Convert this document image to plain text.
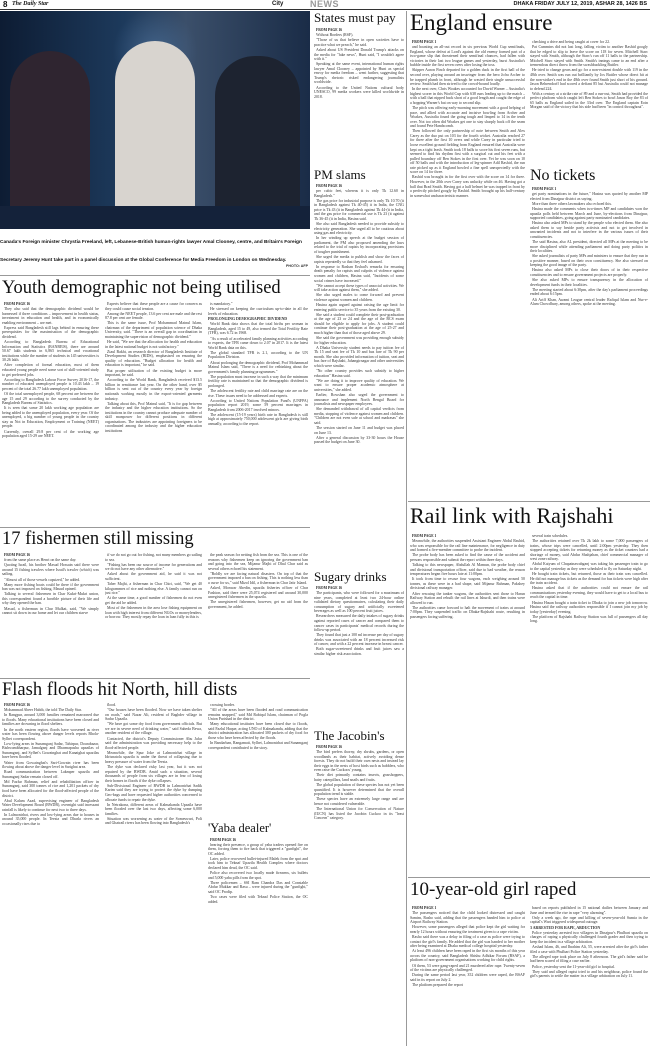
8 The Daily Star	City	NEWS	DHAKA FRIDAY JULY 12, 2019, ASHAR 28, 1426 BS
Canada's Foreign minister Chrystia Freeland, left, Lebanese-British human-rights lawyer Amal Clooney, centre, and Britain's Foreign Secretary Jeremy Hunt take part in a panel discussion at the Global Conference for Media Freedom in London on Wednesday.
PHOTO: AFP
States must pay

FROM PAGE 16

Without Borders (RSF).

"Those of us that believe in open societies have to practice what we preach," he said.

Asked about US President Donald Trump's attacks on the media for "fake news", Hunt said, "I wouldn't agree with it."

Speaking at the same event, international human rights lawyer Amal Clooney – appointed by Hunt as special envoy for media freedom – went further, suggesting that Trump's rhetoric risked endangering journalists worldwide.

According to the United Nations cultural body UNESCO, 99 media workers were killed worldwide in 2018.

PM slams

FROM PAGE 16

per cubic feet, whereas it is only Tk 12.60 in Bangladesh."

The gas price for industrial purpose is only Tk 10.70 (it in Bangladesh against Tk 40-45) it in India, the CNG price is Tk 43 (it in Bangladesh against Tk 44-(it in India, and the gas price for commercial use is Tk 23 (it against Tk 36-45 (it in India, Hasina said.

She also said Bangladesh needed to provide subsidy to electricity generation. She urged all to be cautious about using gas and electricity.

In her winding up speech at the budget session of parliament, the PM also proposed amending the laws related to the trial of rapists by incorporating provisions of tougher punishment.

She urged the media to publish and show the faces of rapists repeatedly so that they feel ashamed.

In response to Rashan Ershad's remarks for ensuring death penalty for rapists and culprits of violence against women and children, Hasina said, "Incidents of some social crimes have increased."

"We cannot accept these types of unsocial activities. We will take action against them," she added.

She also urged males to come forward and prevent violence against women and children.

Hasina again argued against raising the age limit for entering public service to 35 years from the existing 30.

She said a student could complete their post-graduation at the age of 23 or 24 and the age of the BCS exam should be eligible to apply for jobs. A student could continue their post-graduation at the age of 25-27 and much higher than that of those aged above 29.

She said the government was providing enough subsidy for higher education.

A Dhaka University student needs to pay tuition fee of Tk 15 and seat fee of Tk 10 and bus fare of Tk 90 per month. She also provided information of tuition, seat and bus fare of Rajshahi, Jahangirnagar and other universities which were similar.

"No other country provides such subsidy to higher education" Hasina said.

"We are doing it to improve quality of education. We want to ensure proper academic atmosphere at universities," she added.

Earlier, Rowshan also urged the government to announce and implement North Bengal Board for journalists and newspaper employees.

She demanded withdrawal of all capital verdicts from media, stopping of violence against women and children. "Children are not even safe at school and madrasas" she said.

The session started on June 11 and budget was placed on June 13.

After a general discussion by 33-30 hours the House passed the budget on June 30.

Youth demographic not being utilised

FROM PAGE 16

They also said that the demographic dividend would be harnessed if three conditions – improvement in health status, investment in education and health, and in economically enabling environment – are met.

Express said Bangladesh still lags behind in ensuring these prerequisites for the maximisation of the demographic dividend.

According to Bangladesh Bureau of Educational Information and Statistics (BANBEIS), there are around 50.67 lakh students in 6,865 technical and vocational institutions while the number of students in 145 universities is 30.26 lakh.

After completion of formal education, most of them educated young people need some sort of skill-oriented study to get preferred jobs.

According to Bangladesh Labour Force Survey 2016-17, the number of educated unemployed people is 10.43 lakh – 19 percent of the total 26.77 lakh unemployed population.

Of the total unemployed people, 68 percent are between the age 15 and 29 according to the survey conducted by the Bangladesh Bureau of Statistics.

It is seen that some 20 lakh working age population are being added to the unemployed population, every year. Of the unemployed, a big number of young people in the country stay as Not in Education, Employment or Training (NEET) people.

Currently, overall 29.8 per cent of the working age population aged 15-29 are NEET.

Experts believe that these people are a cause for concern as they could cause social tension.

Among the NEET people, 13.6 per cent are male and the rest 87.8 per cent are female.

This is the same issue, Prof Mohammad Mainul Islam, chairman of the department of population science of Dhaka University, said. "There is an overall gap in coordination in maintaining the supervision of demographic dividend."

He said, "We see that the allocation for health and education in the latest national budget is not satisfactory."

Ziaul Bakht, an research director of Bangladesh Institute of Development Studies (BIDS), emphasised on ensuring the quality of education. "Budget allocation for health and education is important," he said.

But proper utilisation of the existing budget is more important, he said.

According to the World Bank, Bangladesh received $13.5 billion in remittance last year. On the other hand, over $5 billion is sent out of the country every year by foreign nationals working mostly in the export-oriented garments industry.

Talking about this, Prof Mainul said, "It is for gap between the industry and the higher education institutions. So the institutions in the country cannot produce adequate number of skill manpower for different positions in different organisations. The industries are appointing foreigners to be coordinated among the industry and the higher education institutions

is mandatory."

He stressed on keeping the curriculum up-to-date in all the levels of education.

PROLONGING DEMOGRAPHIC DIVIDEND

World Bank data shows that the total births per woman in Bangladesh, aged 15 to 49, also termed the Total Fertility Rate (TFR), was 6.72 in 1968.

"As a result of accelerated family planning activities according to experts, the TFR came down to 2.07 in 2017. It is the latest World Bank data on this.

The global standard TFR is 2.1, according to the UN Population Division.

About prolonging the demographic dividend, Prof Mohammad Mainul Islam said, "There is a need for rethinking about the government's family planning programmes."

The population must increase in such a way that the minimum fertility rate is maintained so that the demographic dividend is prolonged.

The adolescent fertility rate and child marriage rate are on the rise. These issues need to be addressed and experts.

According to United Nations Population Fund's (UNFPA) population report 2019, some 59 percent marriages in Bangladesh from 2006-2017 involved minors.

The adolescent (15-19 years) birth rate in Bangladesh is still high at approximately 750,000 adolescent girls are giving birth annually, according to the report.

17 fishermen still missing

FROM PAGE 16

from the same place as Henri on the same day.

Quoting Israil, his brother Masud Hossain said there were around 15 fishing trawlers where Israil's trawler (which) was sailing.

"Almost all of those vessels capsized," he added.

Many more fishing boats could be there if the government ban was not imposed on fishing, Masud opined.

Talking to several fishermen in Char Kukri-Mukri union, this correspondent found a horrible picture of their life and why they opened the ban.

Masud, a fisherman in Char Mulkat, said, "We simply cannot sit down in our home and let our children starve

if we do not go out for fishing, not many members go sailing to sea.

"Fishing has been our source of income for generations and we do not have any other alternative."

Asked about the government aid, he said it was not sufficient.

Taher Majhi, a fisherman in Char Chiri, said, "We get 40 kilogrammes of rice and nothing else. A family cannot run on just rice."

At the same time, a good number of fishermen do not even get the aid he added.

Most of the fishermen in the area lose fishing equipment on loan with high interest from different NGOs or moneylenders, or borrow. They mostly repay the loan in loan fully in this is

the peak season for netting fish from the sea. This is one of the reasons why fishermen keep on ignoring the government ban and going into the sea, Mijanur Majhi of Dhal Char said as several others echoed his statement.

"Boldly we are facing natural disasters. On top of that the government imposed a ban on fishing. This is nothing less than a curse for us," said Mizol Idil, a fisherman in Char Jatir Island.

Asked, Monwar Abedin, upazila fisheries officer of Char Fashion, said there were 25,074 registered and around 30,000 unregistered fishermen in the upazila.

The unregistered fishermen, however, get no aid from the government, he added.

Flash floods hit North, hill dists

FROM PAGE 16

Mohammad Abeer Habib, the told The Daily Star.

In Rangpur, around 3,000 families remained marooned due to floods. Many educational institutions have been closed and families are drowning in flood shelters.

In the north eastern region, floods have worsened as river water has been flowing above danger levels reports Bhola-Sylhet correspondent.

Low-lying areas in Sunamganj Sadar, Tahirpur, Doarabazar, Bishwambharpur, Jamalganj and Dharmapasha upazilas of Sunamganj, and Sylhet's Gowainghat and Kanaighat upazilas have been flooded.

Water from Gowainghat's Sari-Gowain river has been flowing about above the danger level in Sarighat area.

Road communication between Lakmper upazila and Sunamganj Sadar remain closed off.

Md Fazlur Rahman, relief and rehabilitation officer in Sunamganj, said 300 tonnes of rice and 1,201 packets of dry food have been allocated for the flood-affected people of the district.

Abul Kalam Azad, supervising engineer of Bangladesh Water Development Board (BWDB), overnight said incessant rainfall is likely to continue for next two to three days.

In Lalmonirhat, rivers and low-lying areas due to houses in around 35,000 people. In Teesta and Dharla rivers an occasionally rises due to

flood.

"Our houses have been flooded. Now we have taken shelter on roads," said Nazar Ali, resident of Baghder village in Sadar Upazila.

"We have got some dry food from government officials. But we are in severe need of drinking water," said Saheda Bewa, another resident of the village.

Contacted, the district's Deputy Commissioner Abu Jafar said the administration was providing necessary help to the flood-affected people.

Meanwhile, the Spur Joke at Lalmonirhat village in Idrisnatola upazila is under the threat of collapsing due to heavy pressure of water from the Teesta.

The dyke was declared risky last year, but it was not repaired by the BWDB. Amid such a situation, several thousands of people from six villages are in fear of losing their homes in floods if the dyke collapses.

Sub-Divisional Engineer of BWDB in Lalmonirhat Sadik Karim said they are trying to protect the dyke by dumping Geo-bags and have requested higher authorities concerned to allocate funds to repair the dyke.

In Netrakona, different areas of Kalmakanda Upazila have been flooded over the last two days, affecting some 6,000 families.

Situation was worsening as water of the Someswari, Poli and Ghatrail rivers has been flowing into Bangladesh's

crossing border.

"All of the areas have been flooded and road communication remains snapped," said Md Rabiqul Islam, chairman of Pogla Union Parishad in the district.

Many educational institutes have been closed due to floods, said Fazlul Haque, acting UNO of Kalmakanda, adding that the district administration has allocated 300 packets of dry food for those who have been affected by the floods.

In Bandarban, Rangamati, Sylhet, Lalmonirhat and Sunamganj correspondent contributed to the story.

'Yaba dealer'

FROM PAGE 16

hearing their presence, a group of yaba traders opened fire on them, forcing them to fire back that triggered a "gunfight", the OC added.

Later, police recovered bullet-injured Malek from the spot and took him to Teknaf Upazila Health Complex where doctors declared him dead, the OC said.

Police also recovered two locally made firearms, six bullets and 5,000 yaba pills from the spot.

Three policemen – SSI Ram Chandra Das and Constable Abdur Mukkar and Rasu – were injured during the "gunfight," said OC Prodip.

Two cases were filed with Teknaf Police Station, the OC added.

Sugary drinks

FROM PAGE 16

The participants, who were followed for a maximum of nine years, completed at least two 24-hour online validated dietary questionnaires, calculating their daily consumption of sugary and artificially sweetened beverages as well as 100 percent fruit juices.

Researchers measured the daily intakes of sugary drinks against reported cases of cancer and compared them to cancer cases in participants' medical records during the follow-up period.

They found that just a 100 ml increase per day of sugary drinks was associated with an 18 percent increased risk of cancer, and with a 22 percent increase in breast cancer.

Both sugar-sweetened drinks and fruit juices saw a similar higher risk association.

The Jacobin's

FROM PAGE 16

The bird prefers thorny, dry shrubs, gardens, or open woodlands as their habitat, actively avoiding dense forests. They do not build their own nests and instead lay their eggs in the nests of host birds such as babblers, who even raise the Cuckoos' young.

Their diet primarily contains insects, grasshoppers, hairy caterpillars, land snails and fruits.

The global population of these species has not yet been quantified. It is however determined that the overall population trend is stable.

These species have an extremely large range and are hence not considered vulnerable.

The International Union for Conservation of Nature (IUCN) has listed the Jacobin Cuckoo in its "least Concern" category.

England ensure

FROM PAGE 1

and boasting an all-out record in six previous World Cup semifinals, England, whose defeat at Lord's against the old enemy formed part of a two-game slip that threatened their semifinal chances, had fallen with victories in their last two league games and yesterday, burst Australia's bubble inside the first seven overs after losing the toss.

Skipper Aaron Finch departed for a golden duck in the first ball of the second over, playing around an inswinger from the hero Jofra Archer to be trapped plumb in front, although he wasted their single unsuccessful review. Smith had then strived to the crowd-bound loudly.

In the next over, Chris Woakes accounted for David Warner – Australia's highest scorer in this World Cup with 638 runs leading up to the match – with a ball that nipped back short of a good length and caught the edge of a hopping Warner's bat on way to second slip.

The pitch was offering early-morning movement with a good helping of pace, and allied with accurate and incisive bowling from Archer and Woakes, Australia found the going tough and limped to 14 in the tenth over. Not too often did Woakes get one to stay sharply back off the seam and found Pete Handscomb.

Then followed the only partnership of note between Smith and Alex Carey as the duo put on 103 for the fourth wicket. Australia reached 27 for three after the first 10 overs and while Carey in particular tried to loose excellent ground fielding from England ensured that Australia were kept on a tight leash. Smith took 18 balls to score his first seven runs, but seemed to find his rhythm first with a surgical cut and his feet with a pulled boundary off Ben Stokes in the first over. Yet he was soon on 10 off 50 balls and with the introduction of leg-spinner Adil Rashid, the run rate picked up as it England bowled a fine spell unexpectedly with the score on 14 for three.

Rashid was brought in for the first over with the score on 14 for three. However, in the 20th over Carey was unlucky while on 46. Having got a ball that Brad Smith. Having got a half helmet he was trapped in front by a perfectly pitched googly by Rashid. Smith brought up his half-century in somewhat uncharacteristic manner.

checking a drive and being caught at cover for 22.

Pat Cummins did not last long, falling victim to another Rashid googly that he edged to slip to leave the score on 118 for seven. Mitchell Starc stayed with Smith, although the Starc's run off 11 balls to the partnership. Mitchell Starc stayed with Smith. Smith's innings came to an end after a tremendous direct throw from the swashbuckling Buttler.

He tried to change gears and go for a non-existent double with 119 in the 48th over. Smith was run out brilliantly by Jos Buttler whose direct hit at the non-striker's end in the 48th over found Smith just short of his ground. Jason Behrendorff had scored a defiant 85 but Australia could not manage to defend 224.

With a century at a strike rate of 89 and a run-out, Smith had provided the perfect platform which caught left Ben Stokes to bowl Jason Roy the 83 of 65 balls as England sailed in the 33rd over. The England captain Eoin Morgan said of the victory that his side had been "in control throughout".

No tickets

FROM PAGE 1

get party nominations in the future," Hasina was quoted by another MP elected from Dinajpur district as saying.

More than three others lawmakers also echoed this.

Hasina made the comments when two-times MP and candidates won the upazila polls held between March and June, by-elections from Dinajpur, supported candidates, going against party nominated candidates.

Hasina also asked MPs to stand by the people who elected them. She also asked them to say beside party activists and not to get involved in unwanted incidents and not to interfere in the various issues of their constituencies.

The said Hasina, also AL president, directed all MPs at the meeting to be more disciplined while attending parliament and doing party politics in their localities.

She asked journalists of party MPs and ministers to ensure that they run in a positive manner, based on their own constituency. She also stressed on keeping the good image of the party.

Hasina also asked MPs to close their doors of in their respective constituencies and to ensure government projects are properly.

She also asked MPs to ensure transparency in the allocation of development funds in their localities.

The meeting started about 6:30pm, after the day's parliament proceedings ended about 6:15pm.

Ali Ariff Khan, Awami League central leader Rafiqul Islam and Nur-e-Alam Chowdhury, among others, spoke at the meeting.

Rail link with Rajshahi

FROM PAGE 1

Meanwhile, the authorities suspended Assistant Engineer Abdul Rashid, who was responsible for the rail line maintenance, for negligence in duty and formed a five-member committee to probe the incident.

The probe body has been asked to find the cause of the accident and persons responsible and submit the report within three days.

Talking to this newspaper, Abdullah Al Mamun, the probe body chief and divisional transportation officer, said due to bad weather, the reason temperatures began five hours late at 11:00pm.

It took from time to rescue four wagons, each weighing around 50 tonnes, as these were in a bad shape, said Mijanur Rahman, Pakshey divisional railway manager.

After rescuing the tanker wagons, the authorities sent those to Harun Railway Station and rebuilt the rail lines at Ishurdi, and then trains were allowed to run.

The authorities came forward to halt the movement of trains at around 7:00pm. They suspended traffic on Dhaka-Rajshahi route, resulting in passengers facing suffering.

several train schedules.

The authorities retained over Tk 2k lakh to some 7,000 passengers of trains, whose trips were cancelled, until 2:00pm yesterday. They then stopped accepting tickets for returning money as the ticket counters had a shortage of money, said Abdur Shahjahan, chief commercial manager of west zone railway.

Abdul Kaiyum of Chapainawabganj was taking his passenger train to go to the capital yesterday as they were scheduled to fly on Saturday night.

He bought train tickets, but returned, those as their train was cancelled. He did not manage bus tickets as the demand for bus tickets were high after the train accident.

Hasina asked that if the authorities could not ensure the rail communications yesterday evening, they would have to get to a local bus to reach the capital in time.

Hasina Hasan bought a train ticket to Dhaka to join a new job tomorrow. Hasina said the railway authorities responsible if I cannot join my job by today [yesterday] evening.

The platform of Rajshahi Railway Station was full of passengers all day long.

10-year-old girl raped

FROM PAGE 1

The passengers noticed that the child looked distressed and caught Samim, Rasho said, adding that the passengers handed him to police at Airport Railway Station.

However, some passengers alleged that police kept the girl waiting for nearly 12 hours without ensuring the treatment given to a rape victim.

Rasho said there was a delay in filing of a case as police were trying to contact the girl's family. He added that the girl was handed to her mother after being examined at Dhaka medical college hospital yesterday.

At least 496 children have been raped in the first six months of this year across the country, said Bangladesh Shishu Adhikar Forum (BSAF), a platform of non-government organisations working for child rights.

Of them, 53 were gang-raped and 21 murdered after rape. Twenty-seven of the victims are physically challenged.

During the same period last year, 352 children were raped, the BSAF said in its report on July 2.

The platform prepared the report

based on reports published in 15 national dailies between January and June and termed the rise in rape "very alarming".

Only a week ago, the rape and killing of seven-year-old Sumia in the capital's Wari triggered widespread outrage.

3 ARRESTED FOR RAPE, ABDUCTION

Police yesterday arrested two villagers in Dinajpur's Phulbari upazila on charges of raping a physically challenged fourth grader and then trying to keep the incident in a village arbitration.

Arshad Islam, 46, and Ibrahim Ali, 55, were arrested after the girl's father filed a case with Phulbari Police Station yesterday.

The alleged rape took place on July 8 afternoon. The girl's father said he had been scared of filing a case earlier.

Police, yesterday sent the 11-year-old girl to hospital.

They said and alleged rapist tried to and his neighbour, police found the girl's parents to settle the matter in a village arbitration on July 11.
